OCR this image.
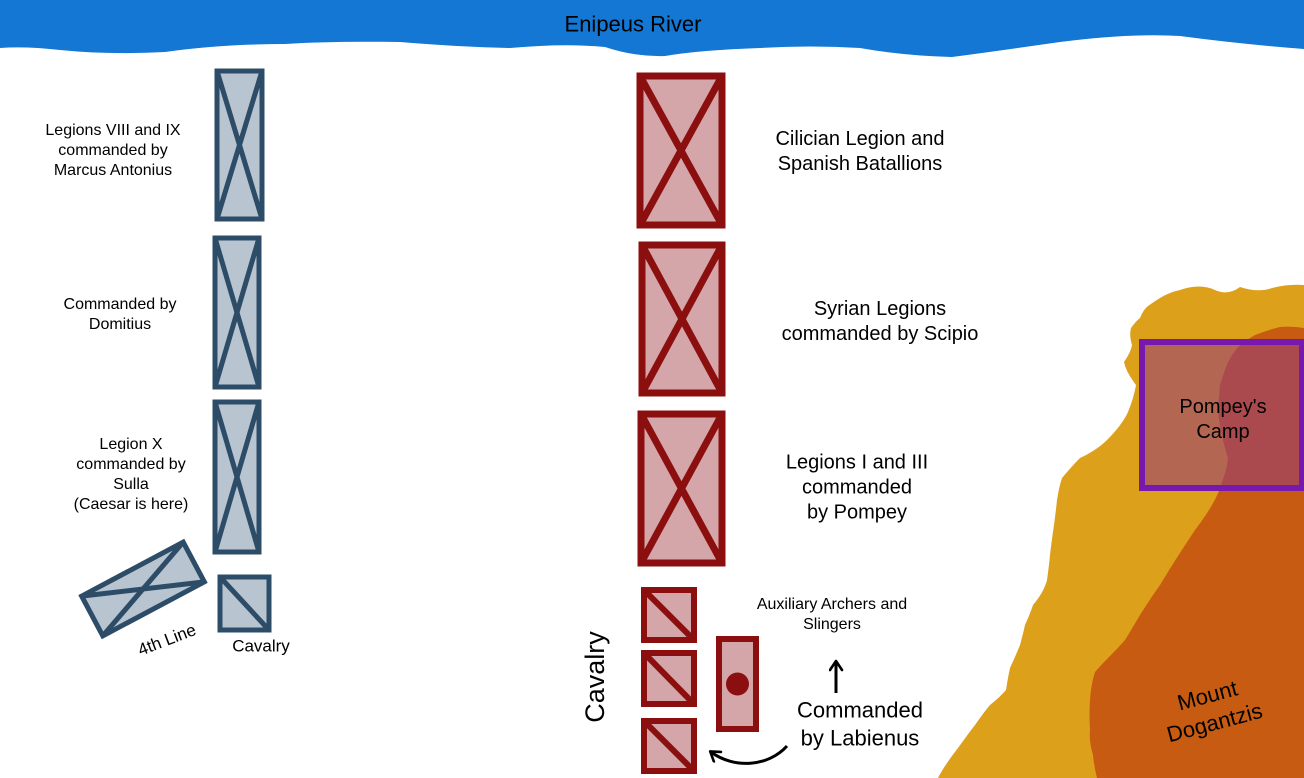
Enipeus River
Legions VIII and IX
commanded by
Marcus Antonius
Commanded by
Domitius
Legion X
commanded by
Sulla
(Caesar is here)
4th Line Cavalry
Cilician Legion and
Spanish Batallions
Syrian Legions
commanded by Scipio
Legions I and III
commanded
by Pompey
Cavalry
Auxiliary Archers and
Slingers
Commanded
by Labienus
Pompey's
Camp
Mount
Dogantzis
